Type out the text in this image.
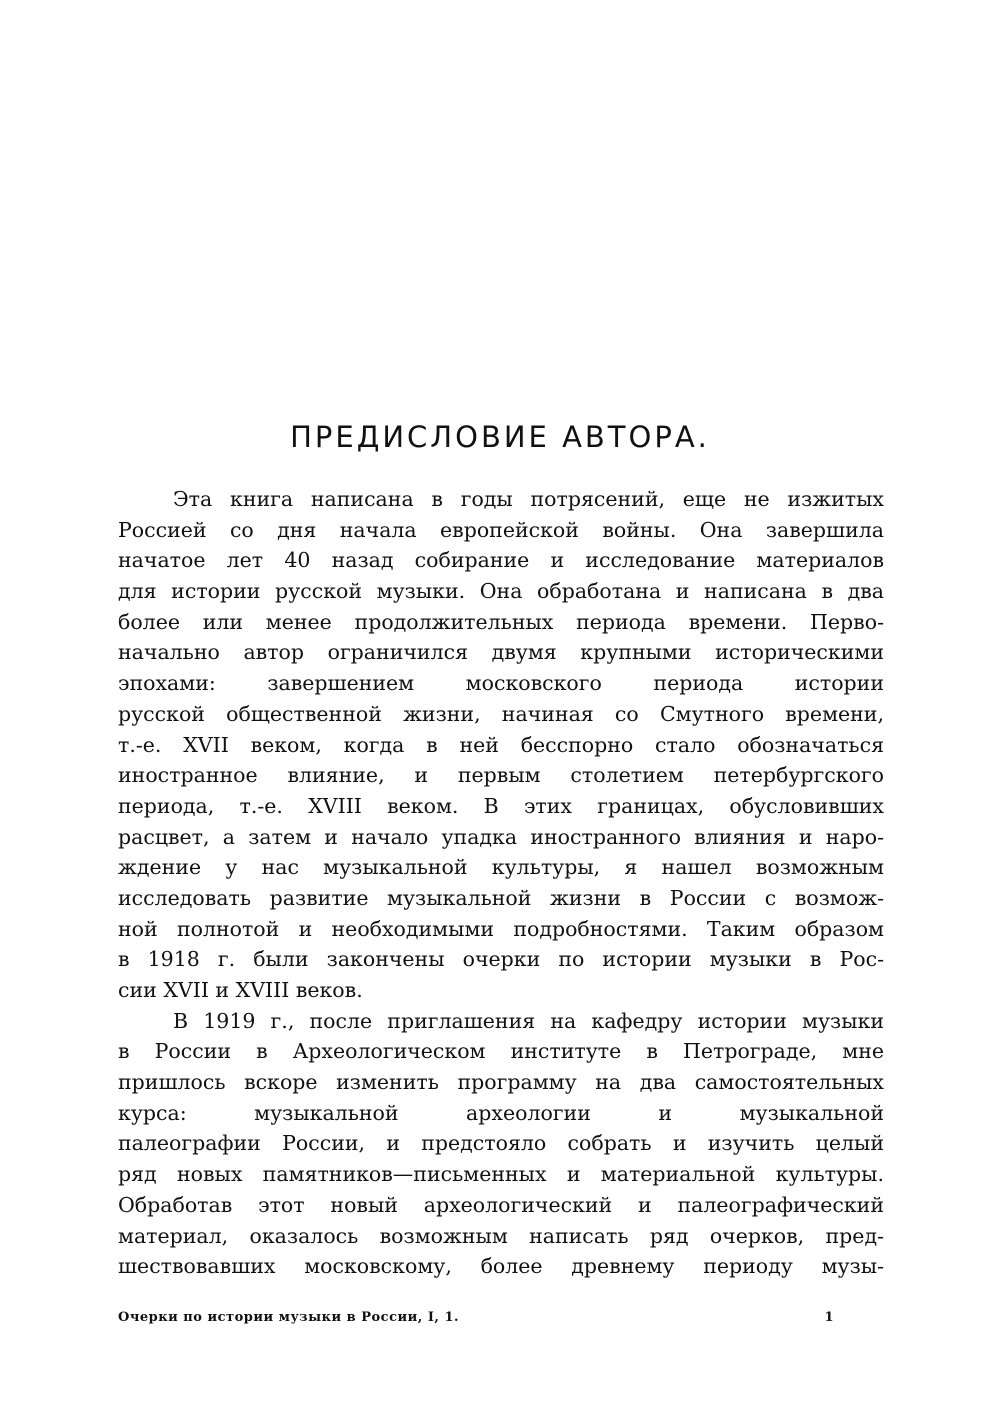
ПРЕДИСЛОВИЕ АВТОРА.
Эта книга написана в годы потрясений, еще не изжитых
Россией со дня начала европейской войны. Она завершила
начатое лет 40 назад собирание и исследование материалов
для истории русской музыки. Она обработана и написана в два
более или менее продолжительных периода времени. Перво-
начально автор ограничился двумя крупными историческими
эпохами: завершением московского периода истории
русской общественной жизни, начиная со Смутного времени,
т.-е. XVII веком, когда в ней бесспорно стало обозначаться
иностранное влияние, и первым столетием петербургского
периода, т.-е. XVIII веком. В этих границах, обусловивших
расцвет, а затем и начало упадка иностранного влияния и наро-
ждение у нас музыкальной культуры, я нашел возможным
исследовать развитие музыкальной жизни в России с возмож-
ной полнотой и необходимыми подробностями. Таким образом
в 1918 г. были закончены очерки по истории музыки в Рос-
сии XVII и XVIII веков.
В 1919 г., после приглашения на кафедру истории музыки
в России в Археологическом институте в Петрограде, мне
пришлось вскоре изменить программу на два самостоятельных
курса: музыкальной археологии и музыкальной
палеографии России, и предстояло собрать и изучить целый
ряд новых памятников—письменных и материальной культуры.
Обработав этот новый археологический и палеографический
материал, оказалось возможным написать ряд очерков, пред-
шествовавших московскому, более древнему периоду музы-
Очерки по истории музыки в России, I, 1.	1
